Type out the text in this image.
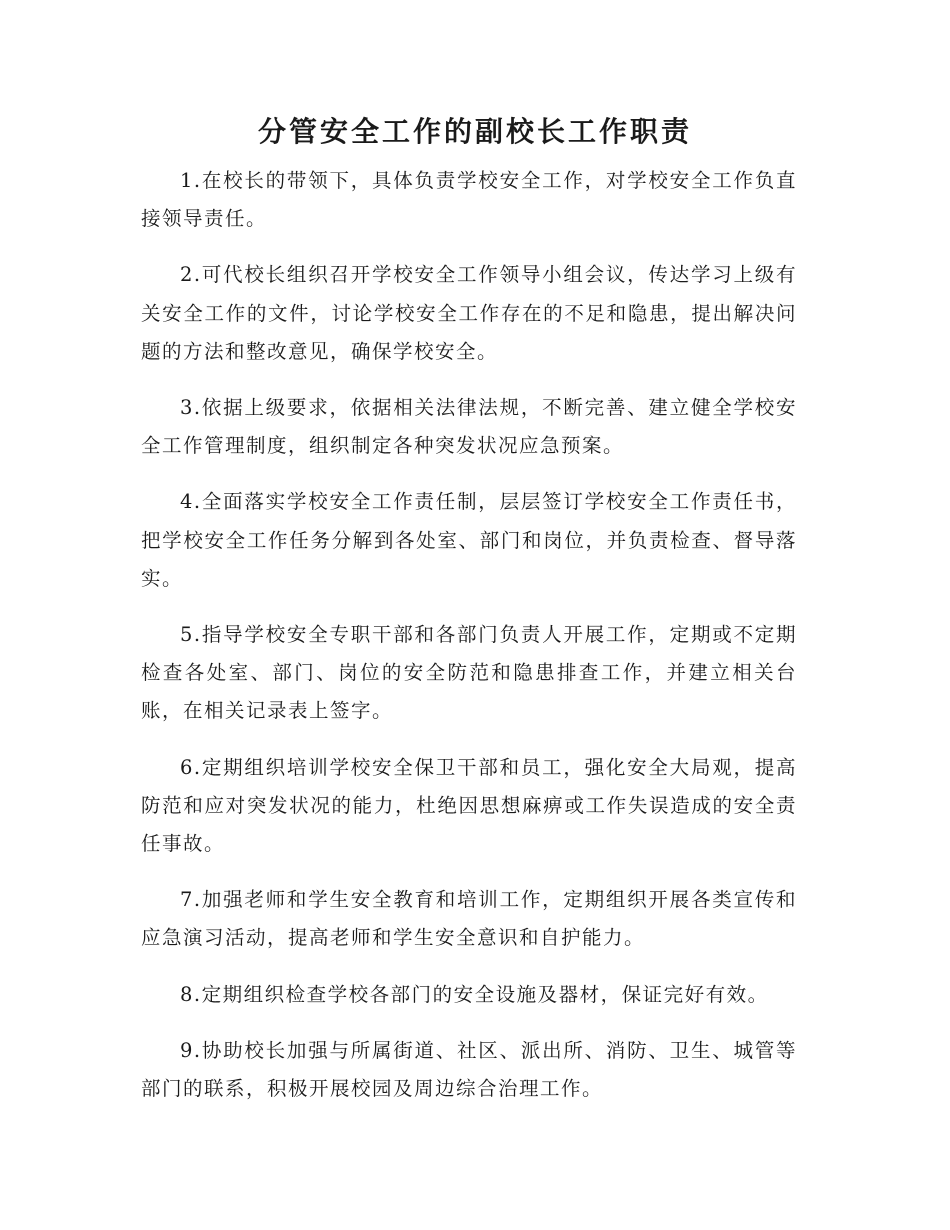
分管安全工作的副校长工作职责

1.在校长的带领下，具体负责学校安全工作，对学校安全工作负直接领导责任。

2.可代校长组织召开学校安全工作领导小组会议，传达学习上级有关安全工作的文件，讨论学校安全工作存在的不足和隐患，提出解决问题的方法和整改意见，确保学校安全。

3.依据上级要求，依据相关法律法规，不断完善、建立健全学校安全工作管理制度，组织制定各种突发状况应急预案。

4.全面落实学校安全工作责任制，层层签订学校安全工作责任书，把学校安全工作任务分解到各处室、部门和岗位，并负责检查、督导落实。

5.指导学校安全专职干部和各部门负责人开展工作，定期或不定期检查各处室、部门、岗位的安全防范和隐患排查工作，并建立相关台账，在相关记录表上签字。

6.定期组织培训学校安全保卫干部和员工，强化安全大局观，提高防范和应对突发状况的能力，杜绝因思想麻痹或工作失误造成的安全责任事故。

7.加强老师和学生安全教育和培训工作，定期组织开展各类宣传和应急演习活动，提高老师和学生安全意识和自护能力。

8.定期组织检查学校各部门的安全设施及器材，保证完好有效。

9.协助校长加强与所属街道、社区、派出所、消防、卫生、城管等部门的联系，积极开展校园及周边综合治理工作。
